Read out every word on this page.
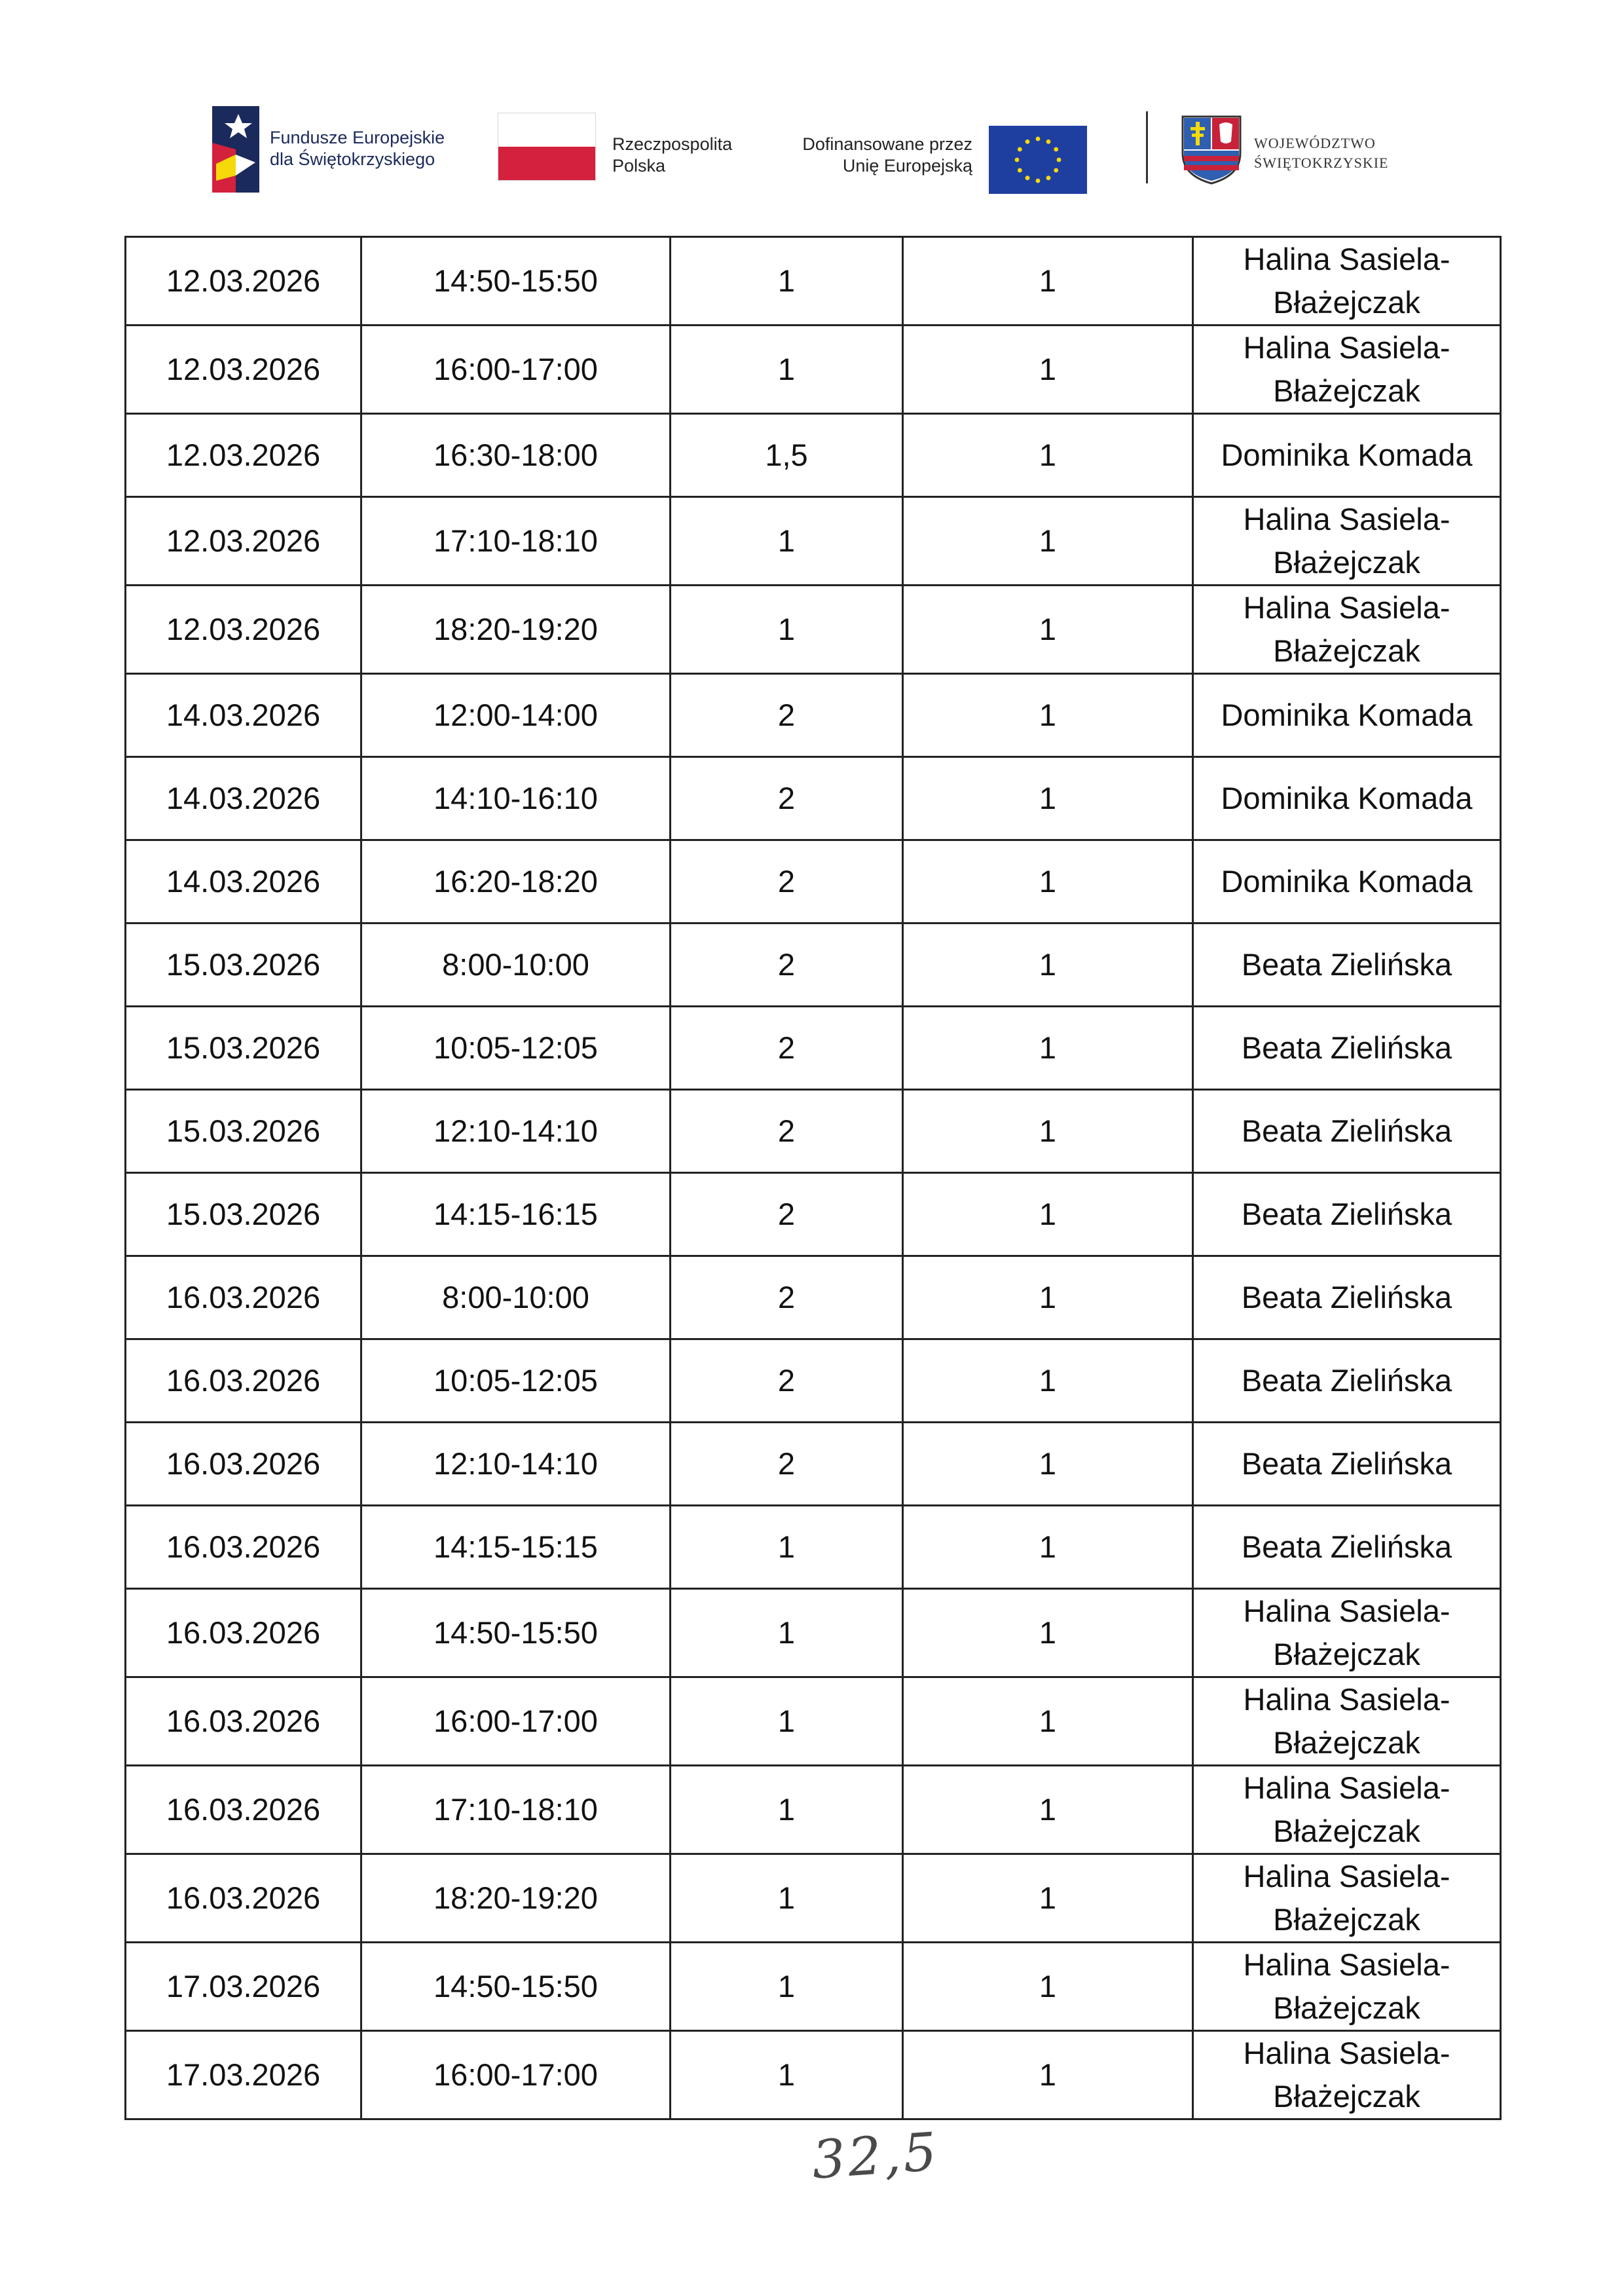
Fundusze Europejskie
dla Świętokrzyskiego
Rzeczpospolita
Polska
Dofinansowane przez
Unię Europejską
WOJEWÓDZTWO
ŚWIĘTOKRZYSKIE
12.03.2026	14:50-15:50	1	1	Halina Sasiela-
Błażejczak
12.03.2026	16:00-17:00	1	1	Halina Sasiela-
Błażejczak
12.03.2026	16:30-18:00	1,5	1	Dominika Komada
12.03.2026	17:10-18:10	1	1	Halina Sasiela-
Błażejczak
12.03.2026	18:20-19:20	1	1	Halina Sasiela-
Błażejczak
14.03.2026	12:00-14:00	2	1	Dominika Komada
14.03.2026	14:10-16:10	2	1	Dominika Komada
14.03.2026	16:20-18:20	2	1	Dominika Komada
15.03.2026	8:00-10:00	2	1	Beata Zielińska
15.03.2026	10:05-12:05	2	1	Beata Zielińska
15.03.2026	12:10-14:10	2	1	Beata Zielińska
15.03.2026	14:15-16:15	2	1	Beata Zielińska
16.03.2026	8:00-10:00	2	1	Beata Zielińska
16.03.2026	10:05-12:05	2	1	Beata Zielińska
16.03.2026	12:10-14:10	2	1	Beata Zielińska
16.03.2026	14:15-15:15	1	1	Beata Zielińska
16.03.2026	14:50-15:50	1	1	Halina Sasiela-
Błażejczak
16.03.2026	16:00-17:00	1	1	Halina Sasiela-
Błażejczak
16.03.2026	17:10-18:10	1	1	Halina Sasiela-
Błażejczak
16.03.2026	18:20-19:20	1	1	Halina Sasiela-
Błażejczak
17.03.2026	14:50-15:50	1	1	Halina Sasiela-
Błażejczak
17.03.2026	16:00-17:00	1	1	Halina Sasiela-
Błażejczak
32,5
